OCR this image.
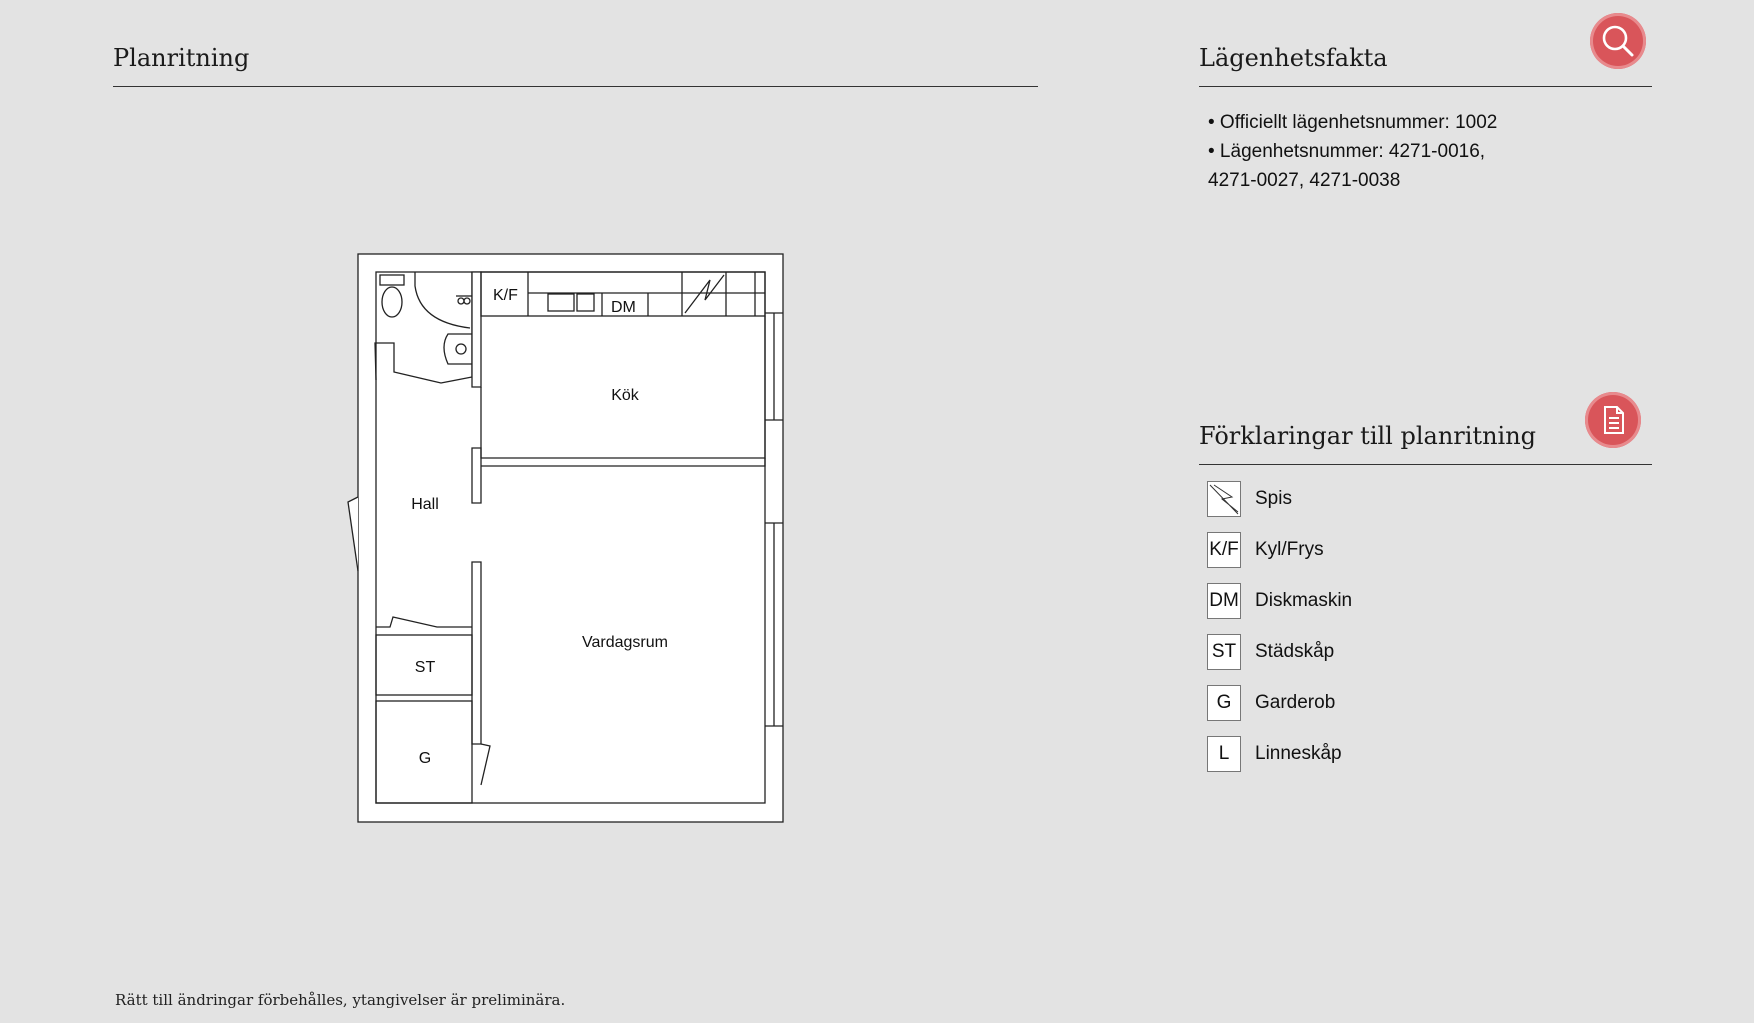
Planritning
Kök
Hall
Vardagsrum
ST
G
K/F
DM
Lägenhetsfakta
• Officiellt lägenhetsnummer: 1002
• Lägenhetsnummer: 4271-0016,
4271-0027, 4271-0038
Förklaringar till planritning
Spis
K/F Kyl/Frys
DM Diskmaskin
ST Städskåp
G	Garderob
L	Linneskåp
Rätt till ändringar förbehålles, ytangivelser är preliminära.
